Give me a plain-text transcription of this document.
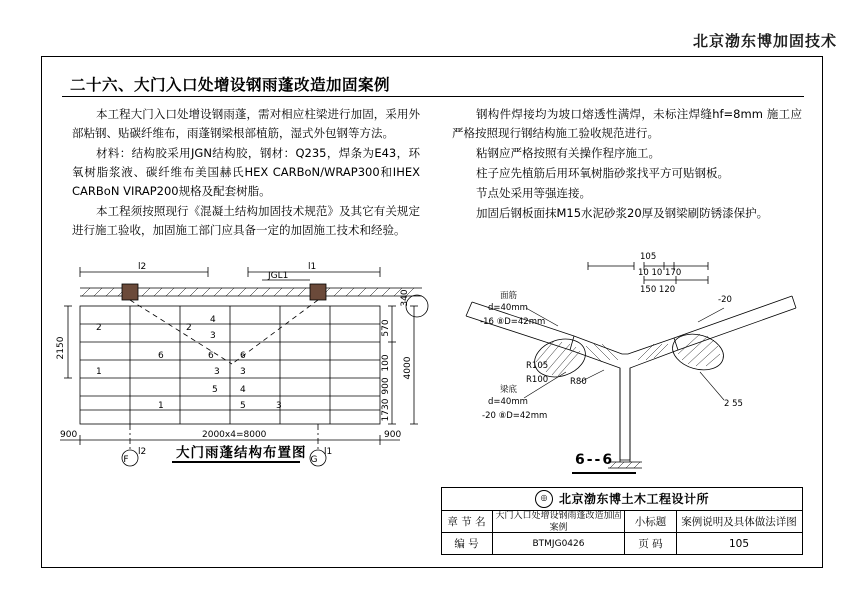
北京渤东博加固技术
二十六、大门入口处增设钢雨蓬改造加固案例

本工程大门入口处增设钢雨蓬，需对相应柱梁进行加固，采用外部粘钢、贴碳纤维布，雨蓬钢梁根部植筋，湿式外包钢等方法。

材料：结构胶采用JGN结构胶，钢材：Q235，焊条为E43，环氧树脂浆液、碳纤维布美国赫氏HEX CARBoN/WRAP300和IHEX CARBoN VIRAP200规格及配套树脂。

本工程须按照现行《混凝土结构加固技术规范》及其它有关规定进行施工验收，加固施工部门应具备一定的加固施工技术和经验。

钢构件焊接均为坡口熔透性满焊，未标注焊缝hf=8mm 施工应严格按照现行钢结构施工验收规范进行。

粘钢应严格按照有关操作程序施工。

柱子应先植筋后用环氧树脂砂浆找平方可贴钢板。

节点处采用等强连接。

加固后钢板面抹M15水泥砂浆20厚及钢梁刷防锈漆保护。

l2
JGL1
l1
l2	l1
2000x4=8000
900	900
F	G
2150
570
100
900
1730
4000
340
4
3
2
6
3
5
6
3
4
5
2
1
6
1	3
大门雨蓬结构布置图
105
10 10 170
150 120
面筋
d=40mm
-16 ⑧D=42mm
梁底
d=40mm
-20 ⑧D=42mm
R105
R100	R80
-20
2 55
6--6
◎ 北京渤东博土木工程设计所
章 节 名	大门入口处增设钢雨蓬改造加固案例	小标题	案例说明及具体做法详图
编 号	BTMJG0426	页 码	105
